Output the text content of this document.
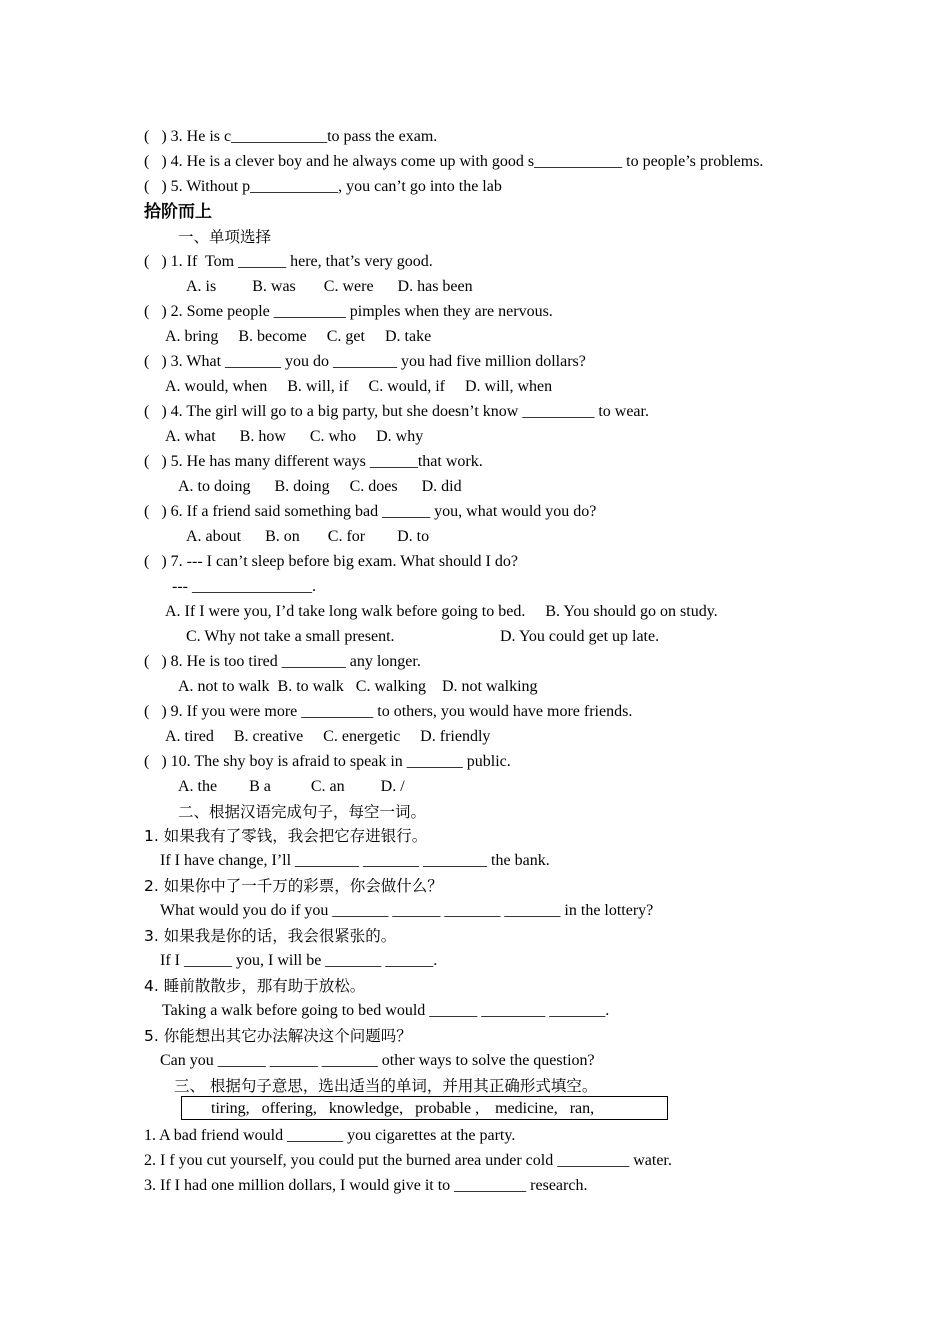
(   ) 3. He is c____________to pass the exam.
(   ) 4. He is a clever boy and he always come up with good s___________ to people’s problems.
(   ) 5. Without p___________, you can’t go into the lab
拾阶而上
一、单项选择
(   ) 1. If  Tom ______ here, that’s very good.
A. is         B. was       C. were      D. has been
(   ) 2. Some people _________ pimples when they are nervous.
A. bring     B. become     C. get     D. take
(   ) 3. What _______ you do ________ you had five million dollars?
A. would, when     B. will, if     C. would, if     D. will, when
(   ) 4. The girl will go to a big party, but she doesn’t know _________ to wear.
A. what      B. how      C. who     D. why
(   ) 5. He has many different ways ______that work.
A. to doing      B. doing     C. does      D. did
(   ) 6. If a friend said something bad ______ you, what would you do?
A. about      B. on       C. for        D. to
(   ) 7. --- I can’t sleep before big exam. What should I do?
--- _______________.
A. If I were you, I’d take long walk before going to bed.     B. You should go on study.
C. Why not take a small present.	D. You could get up late.
(   ) 8. He is too tired ________ any longer.
A. not to walk  B. to walk   C. walking    D. not walking
(   ) 9. If you were more _________ to others, you would have more friends.
A. tired     B. creative     C. energetic     D. friendly
(   ) 10. The shy boy is afraid to speak in _______ public.
A. the        B a          C. an         D. /
二、根据汉语完成句子，每空一词。
1. 如果我有了零钱，我会把它存进银行。
If I have change, I’ll ________ _______ ________ the bank.
2. 如果你中了一千万的彩票，你会做什么？
What would you do if you _______ ______ _______ _______ in the lottery?
3. 如果我是你的话，我会很紧张的。
If I ______ you, I will be _______ ______.
4. 睡前散散步，那有助于放松。
Taking a walk before going to bed would ______ ________ _______.
5. 你能想出其它办法解决这个问题吗？
Can you ______ ______ _______ other ways to solve the question?
三、 根据句子意思，选出适当的单词，并用其正确形式填空。
tiring,   offering,   knowledge,   probable ,    medicine,   ran,
1. A bad friend would _______ you cigarettes at the party.
2. I f you cut yourself, you could put the burned area under cold _________ water.
3. If I had one million dollars, I would give it to _________ research.
